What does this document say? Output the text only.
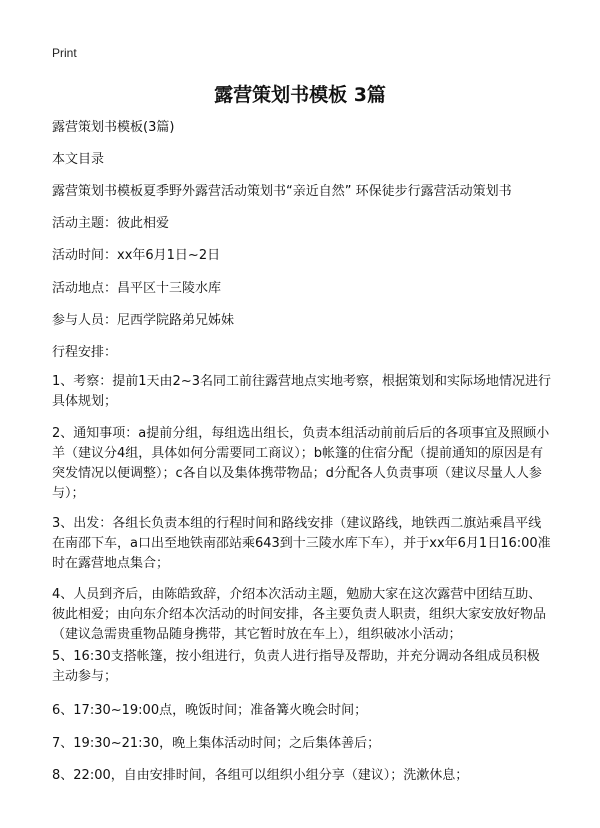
Print
露营策划书模板 3篇

露营策划书模板(3篇)

本文目录

露营策划书模板夏季野外露营活动策划书“亲近自然” 环保徒步行露营活动策划书

活动主题：彼此相爱

活动时间：xx年6月1日~2日

活动地点：昌平区十三陵水库

参与人员：尼西学院路弟兄姊妹

行程安排：

1、考察：提前1天由2~3名同工前往露营地点实地考察，根据策划和实际场地情况进行具体规划；

2、通知事项：a提前分组，每组选出组长，负责本组活动前前后后的各项事宜及照顾小羊（建议分4组，具体如何分需要同工商议）；b帐篷的住宿分配（提前通知的原因是有突发情况以便调整）；c各自以及集体携带物品；d分配各人负责事项（建议尽量人人参与）；

3、出发：各组长负责本组的行程时间和路线安排（建议路线，地铁西二旗站乘昌平线在南邵下车，a口出至地铁南邵站乘643到十三陵水库下车），并于xx年6月1日16:00准时在露营地点集合；

4、人员到齐后，由陈皓致辞，介绍本次活动主题，勉励大家在这次露营中团结互助、彼此相爱；由向东介绍本次活动的时间安排，各主要负责人职责，组织大家安放好物品（建议急需贵重物品随身携带，其它暂时放在车上），组织破冰小活动；

5、16:30支搭帐篷，按小组进行，负责人进行指导及帮助，并充分调动各组成员积极主动参与；

6、17:30~19:00点，晚饭时间；准备篝火晚会时间；

7、19:30~21:30，晚上集体活动时间；之后集体善后；

8、22:00，自由安排时间，各组可以组织小组分享（建议）；洗漱休息；
